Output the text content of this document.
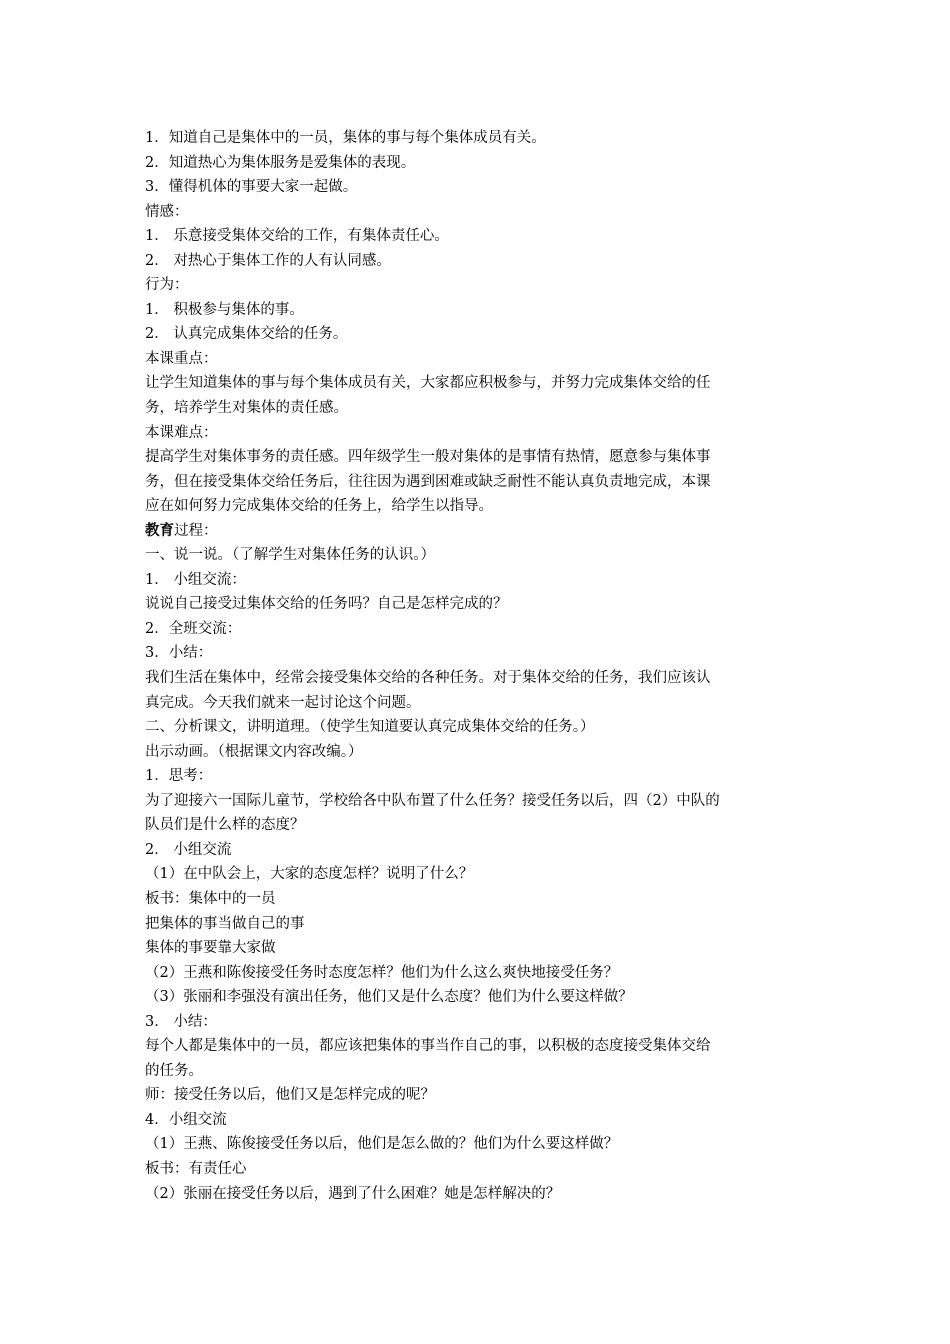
1．知道自己是集体中的一员，集体的事与每个集体成员有关。
2．知道热心为集体服务是爱集体的表现。
3．懂得机体的事要大家一起做。
情感：
1． 乐意接受集体交给的工作，有集体责任心。
2． 对热心于集体工作的人有认同感。
行为：
1． 积极参与集体的事。
2． 认真完成集体交给的任务。
本课重点：
让学生知道集体的事与每个集体成员有关，大家都应积极参与，并努力完成集体交给的任
务，培养学生对集体的责任感。
本课难点：
提高学生对集体事务的责任感。四年级学生一般对集体的是事情有热情，愿意参与集体事
务，但在接受集体交给任务后，往往因为遇到困难或缺乏耐性不能认真负责地完成，本课
应在如何努力完成集体交给的任务上，给学生以指导。
教育过程：
一、说一说。（了解学生对集体任务的认识。）
1． 小组交流：
说说自己接受过集体交给的任务吗？自己是怎样完成的？
2．全班交流：
3．小结：
我们生活在集体中，经常会接受集体交给的各种任务。对于集体交给的任务，我们应该认
真完成。今天我们就来一起讨论这个问题。
二、分析课文，讲明道理。（使学生知道要认真完成集体交给的任务。）
出示动画。（根据课文内容改编。）
1．思考：
为了迎接六一国际儿童节，学校给各中队布置了什么任务？接受任务以后，四（2）中队的
队员们是什么样的态度？
2． 小组交流
（1）在中队会上，大家的态度怎样？说明了什么？
板书：集体中的一员
把集体的事当做自己的事
集体的事要靠大家做
（2）王燕和陈俊接受任务时态度怎样？他们为什么这么爽快地接受任务？
（3）张丽和李强没有演出任务，他们又是什么态度？他们为什么要这样做？
3． 小结：
每个人都是集体中的一员，都应该把集体的事当作自己的事，以积极的态度接受集体交给
的任务。
师：接受任务以后，他们又是怎样完成的呢？
4．小组交流
（1）王燕、陈俊接受任务以后，他们是怎么做的？他们为什么要这样做？
板书：有责任心
（2）张丽在接受任务以后，遇到了什么困难？她是怎样解决的？
